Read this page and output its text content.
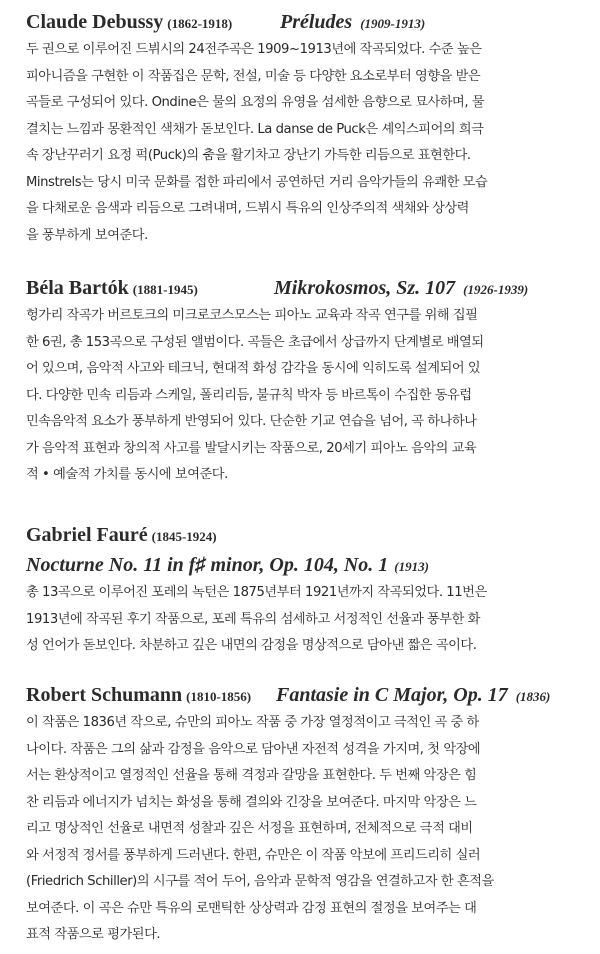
Claude Debussy (1862-1918) Préludes (1909-1913)
두 권으로 이루어진 드뷔시의 24전주곡은 1909~1913년에 작곡되었다. 수준 높은
피아니즘을 구현한 이 작품집은 문학, 전설, 미술 등 다양한 요소로부터 영향을 받은
곡들로 구성되어 있다. Ondine은 물의 요정의 유영을 섬세한 음향으로 묘사하며, 물
결치는 느낌과 몽환적인 색채가 돋보인다. La danse de Puck은 셰익스피어의 희극
속 장난꾸러기 요정 퍽(Puck)의 춤을 활기차고 장난기 가득한 리듬으로 표현한다.
Minstrels는 당시 미국 문화를 접한 파리에서 공연하던 거리 음악가들의 유쾌한 모습
을 다채로운 음색과 리듬으로 그려내며, 드뷔시 특유의 인상주의적 색채와 상상력
을 풍부하게 보여준다.
Béla Bartók (1881-1945)	Mikrokosmos, Sz. 107 (1926-1939)
헝가리 작곡가 버르토크의 미크로코스모스는 피아노 교육과 작곡 연구를 위해 집필
한 6권, 총 153곡으로 구성된 앨범이다. 곡들은 초급에서 상급까지 단계별로 배열되
어 있으며, 음악적 사고와 테크닉, 현대적 화성 감각을 동시에 익히도록 설계되어 있
다. 다양한 민속 리듬과 스케일, 폴리리듬, 불규칙 박자 등 바르톡이 수집한 동유럽
민속음악적 요소가 풍부하게 반영되어 있다. 단순한 기교 연습을 넘어, 곡 하나하나
가 음악적 표현과 창의적 사고를 발달시키는 작품으로, 20세기 피아노 음악의 교육
적 • 예술적 가치를 동시에 보여준다.
Gabriel Fauré (1845-1924)
Nocturne No. 11 in f♯ minor, Op. 104, No. 1 (1913)
총 13곡으로 이루어진 포레의 녹턴은 1875년부터 1921년까지 작곡되었다. 11번은
1913년에 작곡된 후기 작품으로, 포레 특유의 섬세하고 서정적인 선율과 풍부한 화
성 언어가 돋보인다. 차분하고 깊은 내면의 감정을 명상적으로 담아낸 짧은 곡이다.
Robert Schumann (1810-1856) Fantasie in C Major, Op. 17 (1836)
이 작품은 1836년 작으로, 슈만의 피아노 작품 중 가장 열정적이고 극적인 곡 중 하
나이다. 작품은 그의 삶과 감정을 음악으로 담아낸 자전적 성격을 가지며, 첫 악장에
서는 환상적이고 열정적인 선율을 통해 격정과 갈망을 표현한다. 두 번째 악장은 힘
찬 리듬과 에너지가 넘치는 화성을 통해 결의와 긴장을 보여준다. 마지막 악장은 느
리고 명상적인 선율로 내면적 성찰과 깊은 서정을 표현하며, 전체적으로 극적 대비
와 서정적 정서를 풍부하게 드러낸다. 한편, 슈만은 이 작품 악보에 프리드리히 실러
(Friedrich Schiller)의 시구를 적어 두어, 음악과 문학적 영감을 연결하고자 한 흔적을
보여준다. 이 곡은 슈만 특유의 로맨틱한 상상력과 감정 표현의 절정을 보여주는 대
표적 작품으로 평가된다.
